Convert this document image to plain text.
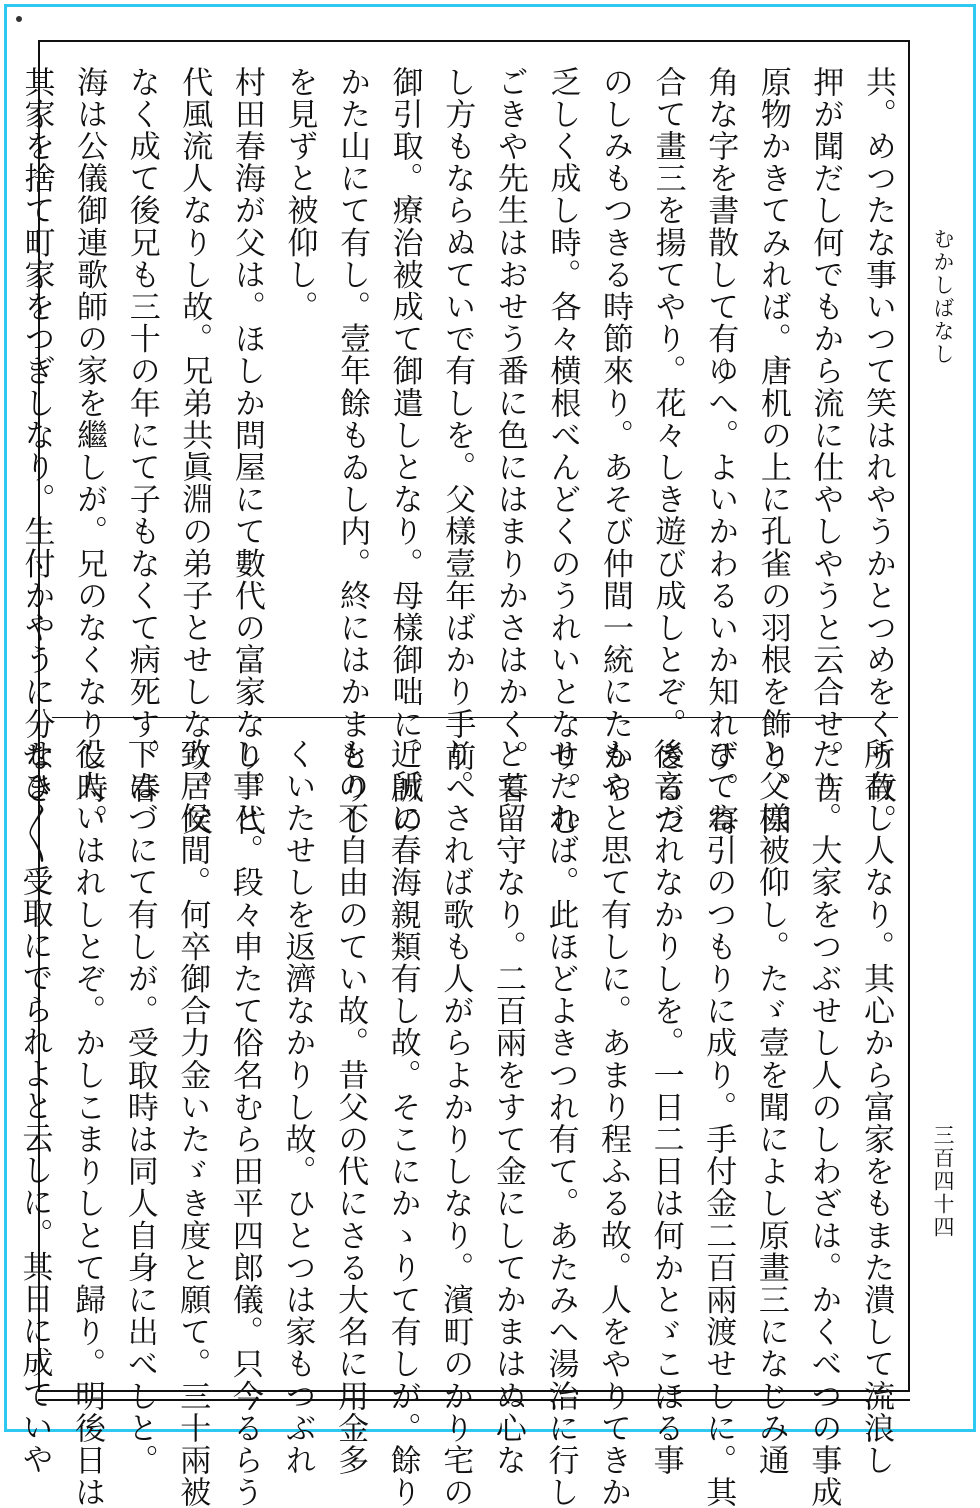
むかしばなし
三百四十四
共。めつたな事いつて笑はれやうかとつめをくう故。
押が聞だし何でもから流に仕やしやうと云合せ。吉
原物かきてみれば。唐机の上に孔雀の羽根を飾り。四
角な字を書散して有ゆへ。よいかわるいか知れず。寄
合て畫三を揚てやり。花々しき遊び成しとぞ。さるた
のしみもつきる時節來り。あそび仲間一統にたから
乏しく成し時。各々横根べんどくのうれいとなり。む
ごきや先生はおせう番に色にはまりかさはかく。暮
し方もならぬていで有しを。父樣壹年ばかり手前へ
御引取。療治被成て御遣しとなり。母樣御咄に。誠の
かた山にて有し。壹年餘もゐし内。終にはかまとりし
を見ずと被仰し。
村田春海が父は。ほしか問屋にて數代の富家なり。代
代風流人なりし故。兄弟共眞淵の弟子とせしなり。父
なく成て後兄も三十の年にて子もなくて病死す。春
海は公儀御連歌師の家を繼しが。兄のなくなりし時。
其家を捨て町家をつぎしなり。生付かやうに分なき
所有し人なり。其心から富家をもまた潰して流浪し
たり。大家をつぶせし人のしわざは。かくべつの事成
と父樣被仰し。たゞ壹を聞によし原畫三になじみ通
ひてね引のつもりに成り。手付金二百兩渡せしに。其
後音づれなかりしを。一日二日は何かとゞこほる事
もやと思て有しに。あまり程ふる故。人をやりてきか
せたれば。此ほどよきつれ有て。あたみへ湯治に行し
とて留守なり。二百兩をすて金にしてかまはぬ心な
り。されば歌も人がらよかりしなり。濱町のかり宅の
近所に春海親類有し故。そこにかゝりて有しが。餘り
もの不自由のてい故。昔父の代にさる大名に用金多
くいたせしを返濟なかりし故。ひとつは家もつぶれ
し事と。段々申たて俗名むら田平四郎儀。只今るらう
致居候間。何卒御合力金いたゞき度と願て。三十兩被
下はづにて有しが。受取時は同人自身に出べしと。
役人いはれしとぞ。かしこまりしとて歸り。明後日は
せひ〳〵受取にでられよと云しに。其日に成ていや
